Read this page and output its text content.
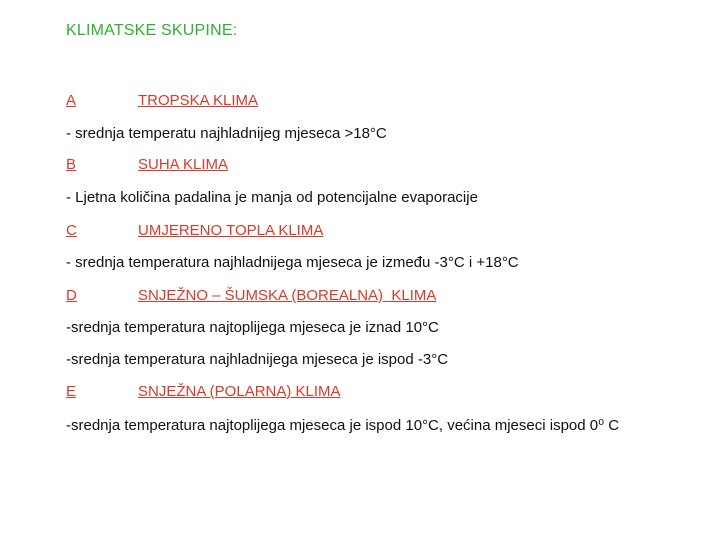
KLIMATSKE SKUPINE:
A	TROPSKA KLIMA
- srednja temperatu najhladnijeg mjeseca >18°C
B	SUHA KLIMA
- Ljetna količina padalina je manja od potencijalne evaporacije
C	UMJERENO TOPLA KLIMA
- srednja temperatura najhladnijega mjeseca je između -3°C i +18°C
D	SNJEŽNO – ŠUMSKA (BOREALNA)  KLIMA
-srednja temperatura najtoplijega mjeseca je iznad 10°C
-srednja temperatura najhladnijega mjeseca je ispod -3°C
E	SNJEŽNA (POLARNA) KLIMA
-srednja temperatura najtoplijega mjeseca je ispod 10°C, većina mjeseci ispod 0⁰ C
